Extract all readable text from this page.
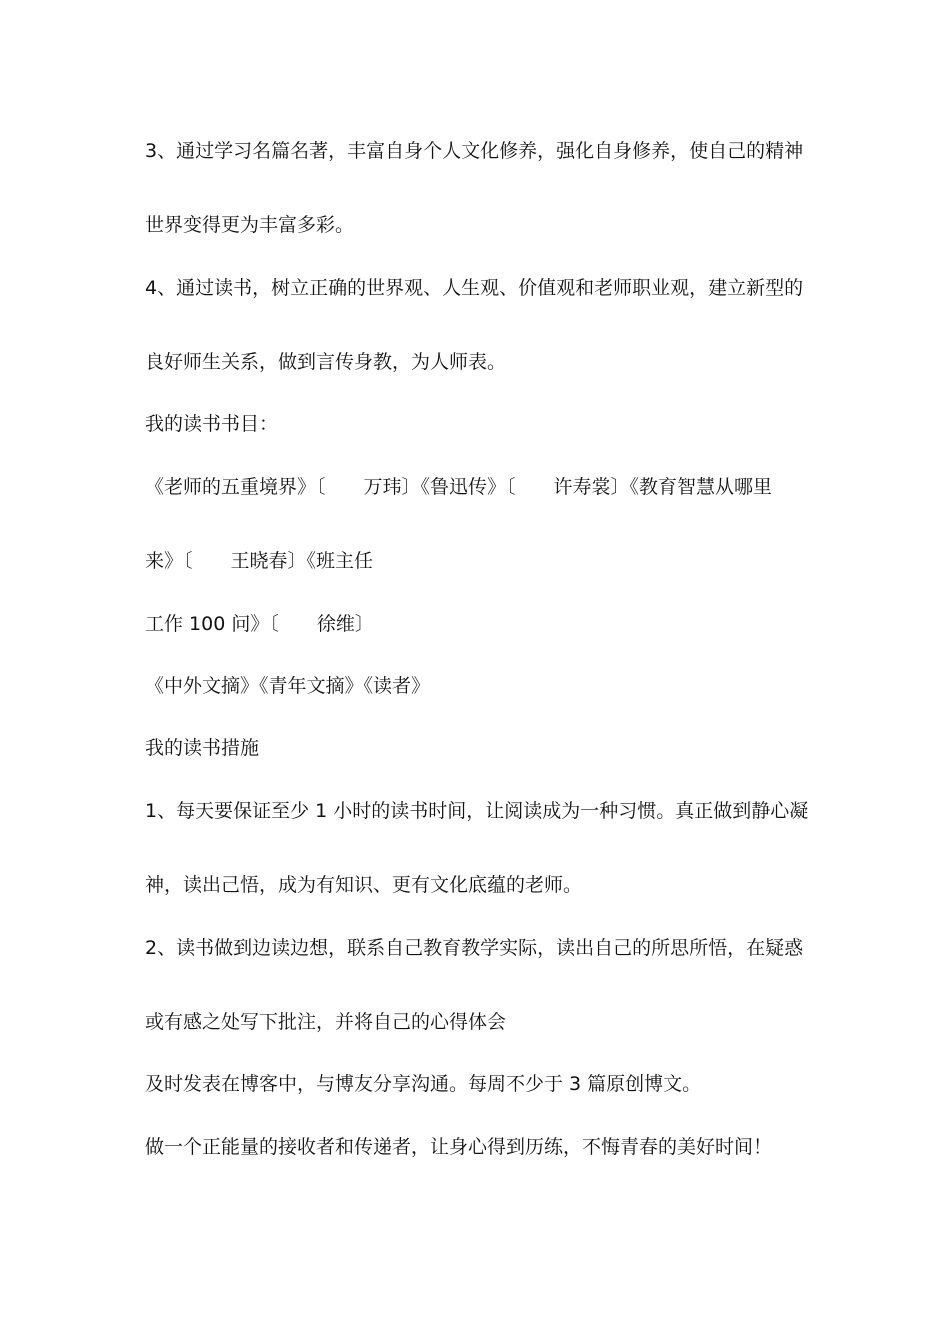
3、通过学习名篇名著，丰富自身个人文化修养，强化自身修养，使自己的精神
世界变得更为丰富多彩。
4、通过读书，树立正确的世界观、人生观、价值观和老师职业观，建立新型的
良好师生关系，做到言传身教，为人师表。
我的读书书目：
《老师的五重境界》〔　　万玮〕《鲁迅传》〔　　许寿裳〕《教育智慧从哪里
来》〔　　王晓春〕《班主任
工作 100 问》〔　　徐维〕
《中外文摘》《青年文摘》《读者》
我的读书措施
1、每天要保证至少 1 小时的读书时间，让阅读成为一种习惯。真正做到静心凝
神，读出己悟，成为有知识、更有文化底蕴的老师。
2、读书做到边读边想，联系自己教育教学实际，读出自己的所思所悟，在疑惑
或有感之处写下批注，并将自己的心得体会
及时发表在博客中，与博友分享沟通。每周不少于 3 篇原创博文。
做一个正能量的接收者和传递者，让身心得到历练，不悔青春的美好时间！
